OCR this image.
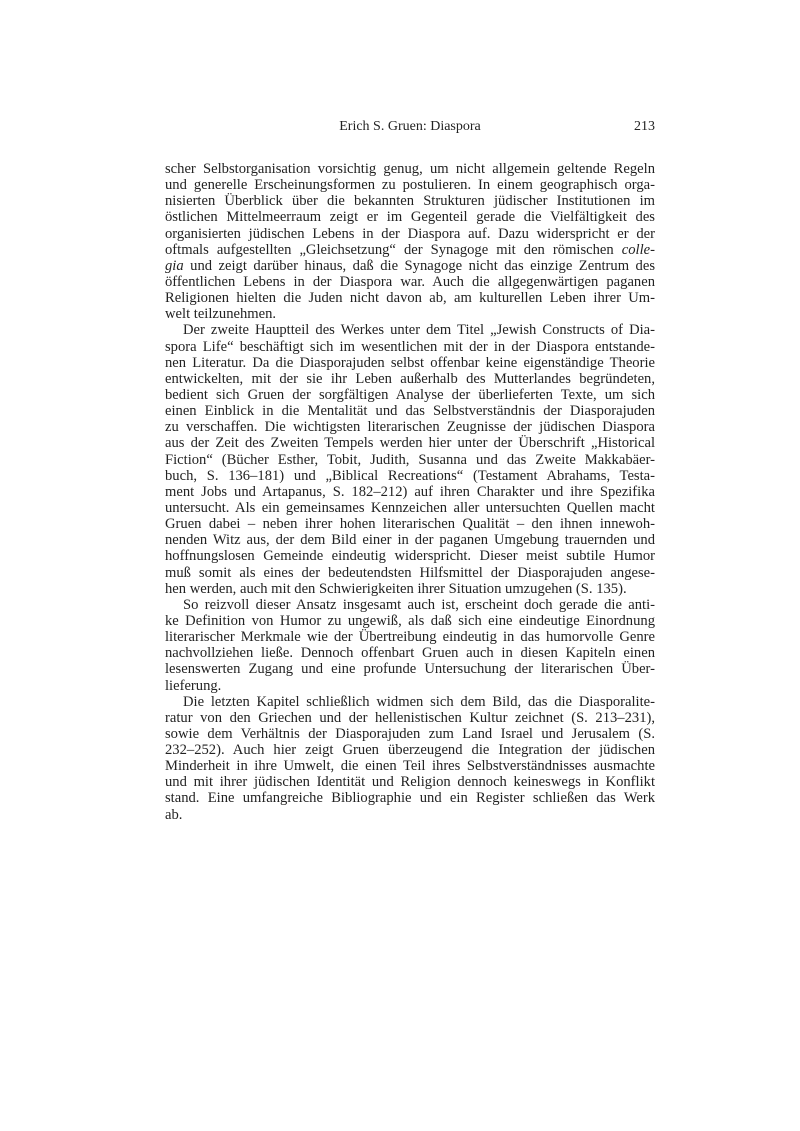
Erich S. Gruen: Diaspora	213
scher Selbstorganisation vorsichtig genug, um nicht allgemein geltende Regeln
und generelle Erscheinungsformen zu postulieren. In einem geographisch orga-
nisierten Überblick über die bekannten Strukturen jüdischer Institutionen im
östlichen Mittelmeerraum zeigt er im Gegenteil gerade die Vielfältigkeit des
organisierten jüdischen Lebens in der Diaspora auf. Dazu widerspricht er der
oftmals aufgestellten „Gleichsetzung“ der Synagoge mit den römischen colle-
gia und zeigt darüber hinaus, daß die Synagoge nicht das einzige Zentrum des
öffentlichen Lebens in der Diaspora war. Auch die allgegenwärtigen paganen
Religionen hielten die Juden nicht davon ab, am kulturellen Leben ihrer Um-
welt teilzunehmen.
Der zweite Hauptteil des Werkes unter dem Titel „Jewish Constructs of Dia-
spora Life“ beschäftigt sich im wesentlichen mit der in der Diaspora entstande-
nen Literatur. Da die Diasporajuden selbst offenbar keine eigenständige Theorie
entwickelten, mit der sie ihr Leben außerhalb des Mutterlandes begründeten,
bedient sich Gruen der sorgfältigen Analyse der überlieferten Texte, um sich
einen Einblick in die Mentalität und das Selbstverständnis der Diasporajuden
zu verschaffen. Die wichtigsten literarischen Zeugnisse der jüdischen Diaspora
aus der Zeit des Zweiten Tempels werden hier unter der Überschrift „Historical
Fiction“ (Bücher Esther, Tobit, Judith, Susanna und das Zweite Makkabäer-
buch, S. 136–181) und „Biblical Recreations“ (Testament Abrahams, Testa-
ment Jobs und Artapanus, S. 182–212) auf ihren Charakter und ihre Spezifika
untersucht. Als ein gemeinsames Kennzeichen aller untersuchten Quellen macht
Gruen dabei – neben ihrer hohen literarischen Qualität – den ihnen innewoh-
nenden Witz aus, der dem Bild einer in der paganen Umgebung trauernden und
hoffnungslosen Gemeinde eindeutig widerspricht. Dieser meist subtile Humor
muß somit als eines der bedeutendsten Hilfsmittel der Diasporajuden angese-
hen werden, auch mit den Schwierigkeiten ihrer Situation umzugehen (S. 135).
So reizvoll dieser Ansatz insgesamt auch ist, erscheint doch gerade die anti-
ke Definition von Humor zu ungewiß, als daß sich eine eindeutige Einordnung
literarischer Merkmale wie der Übertreibung eindeutig in das humorvolle Genre
nachvollziehen ließe. Dennoch offenbart Gruen auch in diesen Kapiteln einen
lesenswerten Zugang und eine profunde Untersuchung der literarischen Über-
lieferung.
Die letzten Kapitel schließlich widmen sich dem Bild, das die Diasporalite-
ratur von den Griechen und der hellenistischen Kultur zeichnet (S. 213–231),
sowie dem Verhältnis der Diasporajuden zum Land Israel und Jerusalem (S.
232–252). Auch hier zeigt Gruen überzeugend die Integration der jüdischen
Minderheit in ihre Umwelt, die einen Teil ihres Selbstverständnisses ausmachte
und mit ihrer jüdischen Identität und Religion dennoch keineswegs in Konflikt
stand. Eine umfangreiche Bibliographie und ein Register schließen das Werk
ab.
